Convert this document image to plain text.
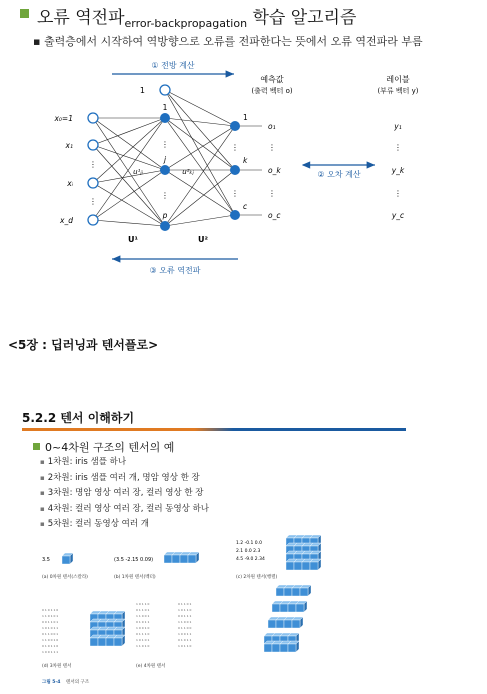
오류 역전파$_{error-backpropagation}$ 학습 알고리즘
▪ 출력층에서 시작하여 역방향으로 오류를 전파한다는 뜻에서 오류 역전파라 부름
① 전방 계산
예측값
(출력 벡터 o)
레이블
(부류 벡터 y)
x₀=1
x₁
⋮
xᵢ
⋮
x_d
1
1
⋮
j
⋮
p
u¹ⱼᵢ	u²ₖⱼ
U¹	U²
1
⋮
k
⋮
c
o₁
⋮
o_k
⋮
o_c
② 오차 계산
y₁
⋮
y_k
⋮
y_c
③ 오류 역전파
<5장 : 딥러닝과 텐서플로>
5.2.2 텐서 이해하기
0~4차원 구조의 텐서의 예
▪ 1차원: iris 샘플 하나
▪ 2차원: iris 샘플 여러 개, 명암 영상 한 장
▪ 3차원: 명암 영상 여러 장, 컬러 영상 한 장
▪ 4차원: 컬러 영상 여러 장, 컬러 동영상 하나
▪ 5차원: 컬러 동영상 여러 개
3.5
(a) 0차원 텐서(스칼라)
(3.5 -2.15 0.09)
(b) 1차원 텐서(벡터)
1.2 -0.1 0.0
2.1 0.0 2.3
4.5 -9.0 2.34
(c) 2차원 텐서(행렬)
0 1 0 1 1 0
1 1 0 1 0 1
0 0 1 1 0 1
1 0 1 0 1 1
0 1 1 0 0 1
1 1 0 0 1 0
0 1 0 1 1 0
1 0 0 1 1 1
(d) 3차원 텐서
1 0 1 1 0
0 1 1 0 1
1 1 0 0 1
0 1 0 1 1
1 0 0 1 0
0 1 1 1 0
1 0 1 0 1
1 1 0 1 0
0 1 1 0 1
1 0 1 1 0
0 0 1 1 1
1 1 0 0 1
0 1 1 0 0
1 0 0 1 1
0 1 0 1 1
1 0 1 1 0
(e) 4차원 텐서
그림 5-4 텐서의 구조
